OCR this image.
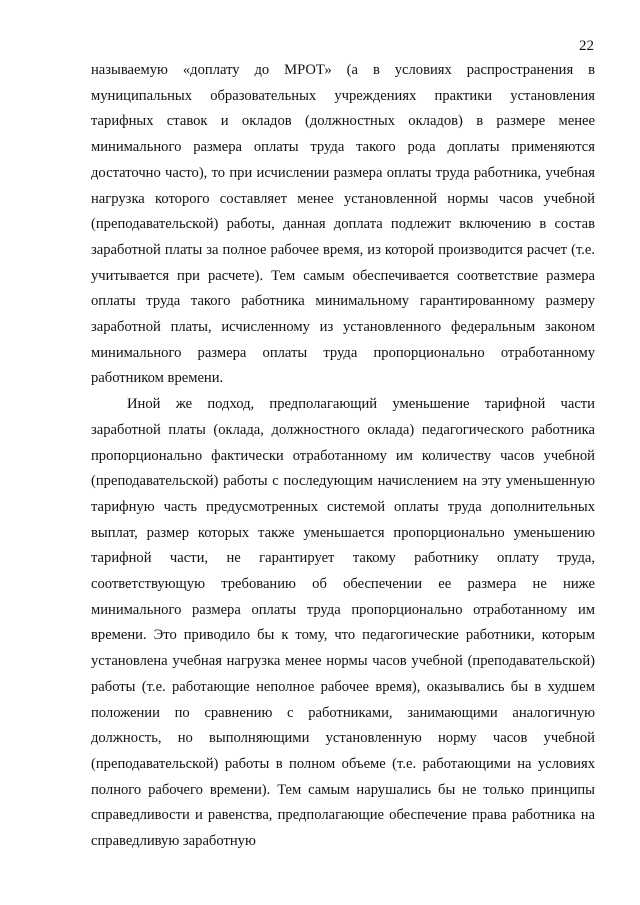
22

называемую «доплату до МРОТ» (а в условиях распространения в муниципальных образовательных учреждениях практики установления тарифных ставок и окладов (должностных окладов) в размере менее минимального размера оплаты труда такого рода доплаты применяются достаточно часто), то при исчислении размера оплаты труда работника, учебная нагрузка которого составляет менее установленной нормы часов учебной (преподавательской) работы, данная доплата подлежит включению в состав заработной платы за полное рабочее время, из которой производится расчет (т.е. учитывается при расчете). Тем самым обеспечивается соответствие размера оплаты труда такого работника минимальному гарантированному размеру заработной платы, исчисленному из установленного федеральным законом минимального размера оплаты труда пропорционально отработанному работником времени.

Иной же подход, предполагающий уменьшение тарифной части заработной платы (оклада, должностного оклада) педагогического работника пропорционально фактически отработанному им количеству часов учебной (преподавательской) работы с последующим начислением на эту уменьшенную тарифную часть предусмотренных системой оплаты труда дополнительных выплат, размер которых также уменьшается пропорционально уменьшению тарифной части, не гарантирует такому работнику оплату труда, соответствующую требованию об обеспечении ее размера не ниже минимального размера оплаты труда пропорционально отработанному им времени. Это приводило бы к тому, что педагогические работники, которым установлена учебная нагрузка менее нормы часов учебной (преподавательской) работы (т.е. работающие неполное рабочее время), оказывались бы в худшем положении по сравнению с работниками, занимающими аналогичную должность, но выполняющими установленную норму часов учебной (преподавательской) работы в полном объеме (т.е. работающими на условиях полного рабочего времени). Тем самым нарушались бы не только принципы справедливости и равенства, предполагающие обеспечение права работника на справедливую заработную
